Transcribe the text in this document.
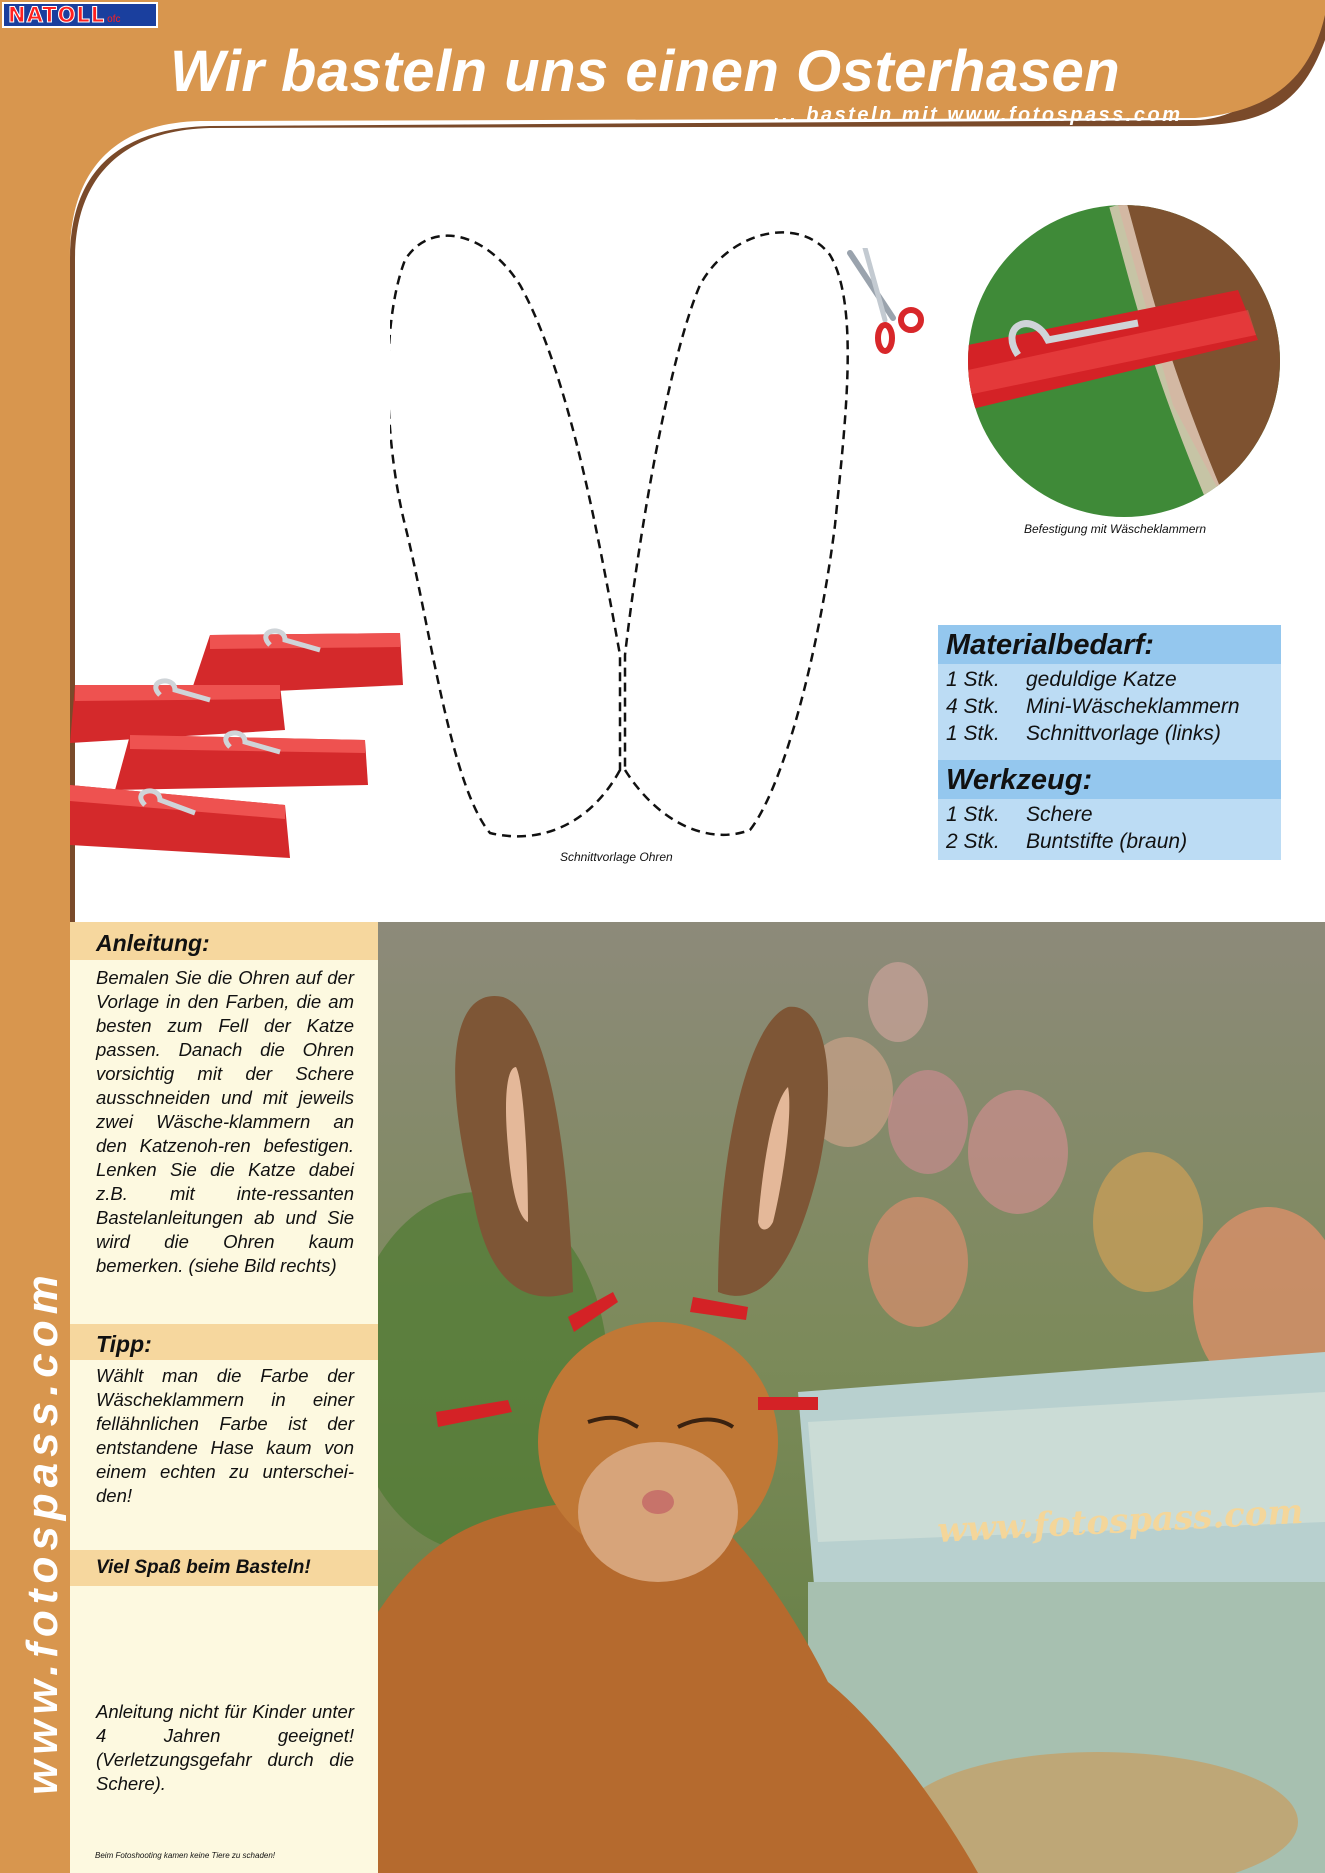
NATOLL ofc
Wir basteln uns einen Osterhasen
... basteln mit www.fotospass.com
www.fotospass.com
Schnittvorlage Ohren
Befestigung mit Wäscheklammern
Materialbedarf:
1 Stk. geduldige Katze
4 Stk. Mini-Wäscheklammern
1 Stk. Schnittvorlage (links)
Werkzeug:
1 Stk. Schere
2 Stk. Buntstifte (braun)
Anleitung:
Bemalen Sie die Ohren auf der Vorlage in den Farben, die am besten zum Fell der Katze passen. Danach die Ohren vorsichtig mit der Schere ausschneiden und mit jeweils zwei Wäsche-klammern an den Katzenoh-ren befestigen. Lenken Sie die Katze dabei z.B. mit inte-ressanten Bastelanleitungen ab und Sie wird die Ohren kaum bemerken. (siehe Bild rechts)
Tipp:
Wählt man die Farbe der Wäscheklammern in einer fellähnlichen Farbe ist der entstandene Hase kaum von einem echten zu unterschei-den!
Viel Spaß beim Basteln!
Anleitung nicht für Kinder unter 4 Jahren geeignet! (Verletzungsgefahr durch die Schere).
Beim Fotoshooting kamen keine Tiere zu schaden!
www.fotospass.com
